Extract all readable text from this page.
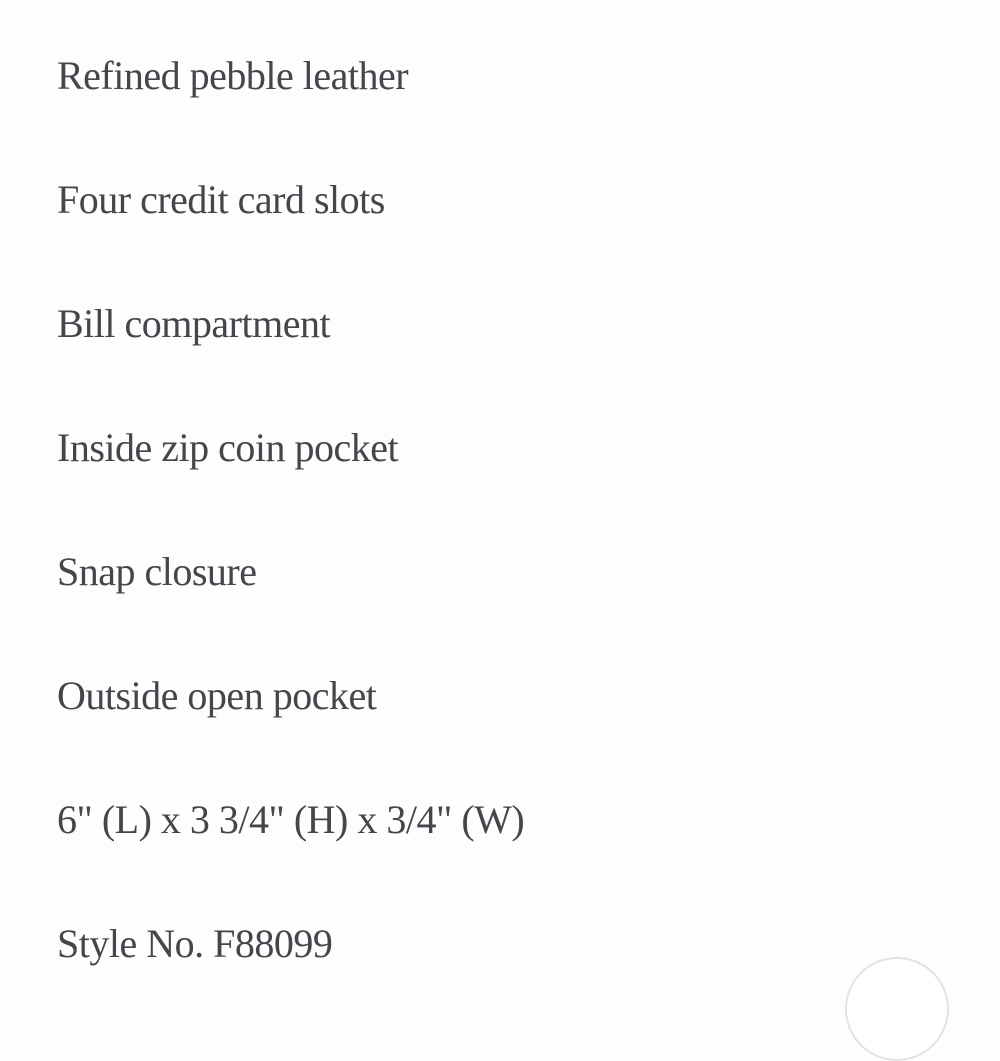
Refined pebble leather
Four credit card slots
Bill compartment
Inside zip coin pocket
Snap closure
Outside open pocket
6" (L) x 3 3/4" (H) x 3/4" (W)
Style No. F88099
